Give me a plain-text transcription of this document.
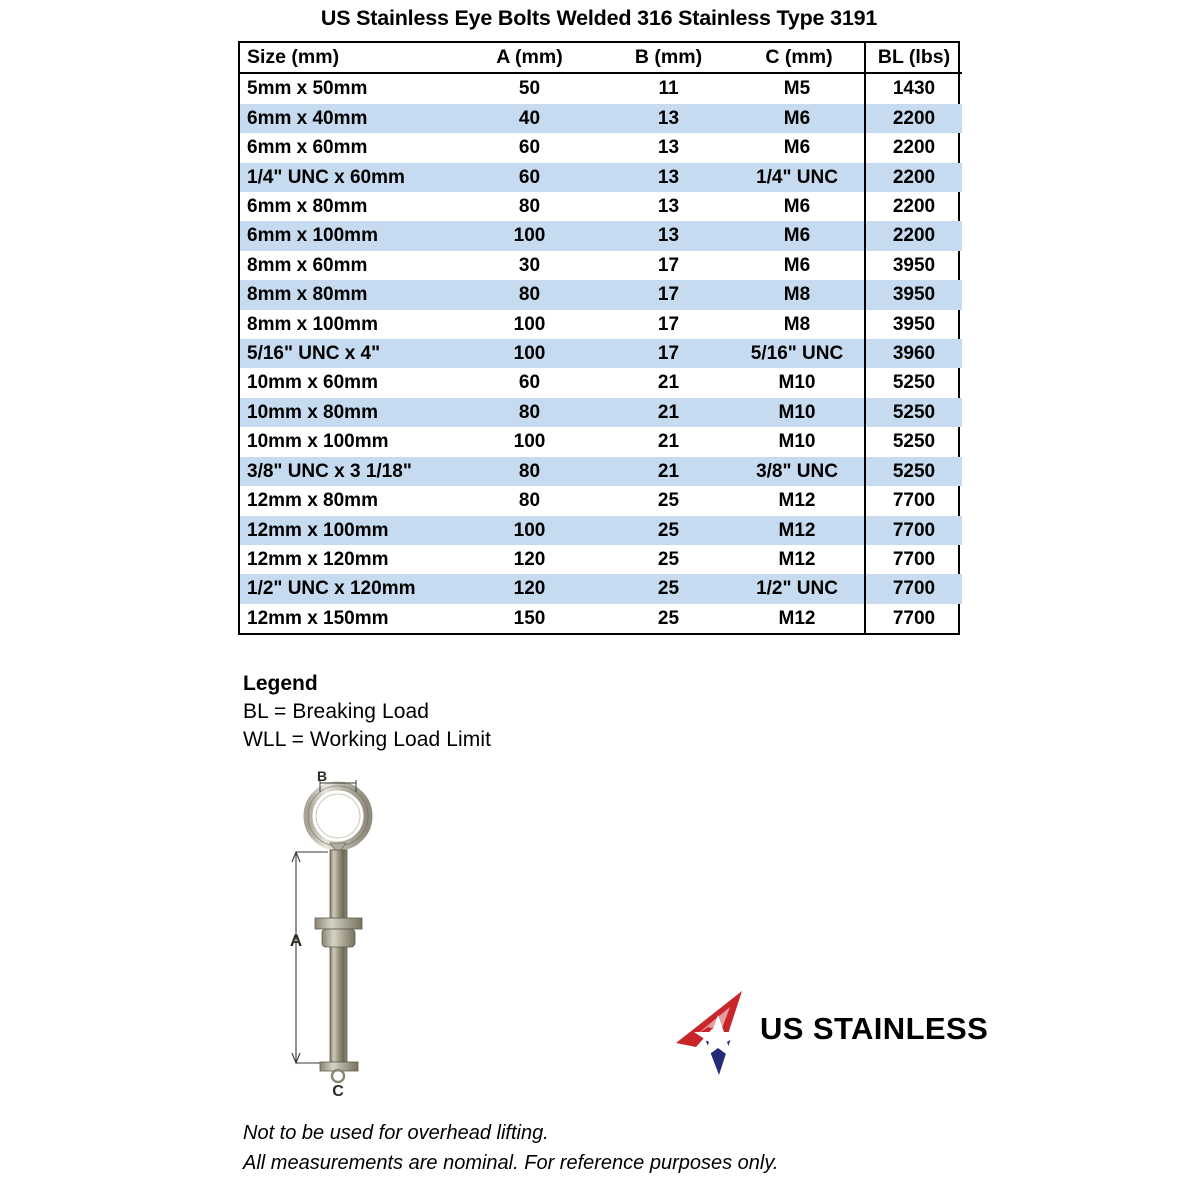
US Stainless Eye Bolts Welded 316 Stainless Type 3191
Size (mm)	A (mm)	B (mm)	C (mm)	BL (lbs)
5mm x 50mm	50	11	M5	1430
6mm x 40mm	40	13	M6	2200
6mm x 60mm	60	13	M6	2200
1/4" UNC x 60mm	60	13	1/4" UNC	2200
6mm x 80mm	80	13	M6	2200
6mm x 100mm	100	13	M6	2200
8mm x 60mm	30	17	M6	3950
8mm x 80mm	80	17	M8	3950
8mm x 100mm	100	17	M8	3950
5/16" UNC x 4"	100	17	5/16" UNC	3960
10mm x 60mm	60	21	M10	5250
10mm x 80mm	80	21	M10	5250
10mm x 100mm	100	21	M10	5250
3/8" UNC x 3 1/18"	80	21	3/8" UNC	5250
12mm x 80mm	80	25	M12	7700
12mm x 100mm	100	25	M12	7700
12mm x 120mm	120	25	M12	7700
1/2" UNC x 120mm	120	25	1/2" UNC	7700
12mm x 150mm	150	25	M12	7700
Legend
BL = Breaking Load
WLL = Working Load Limit
A
B
C
US STAINLESS
Not to be used for overhead lifting.
All measurements are nominal. For reference purposes only.
